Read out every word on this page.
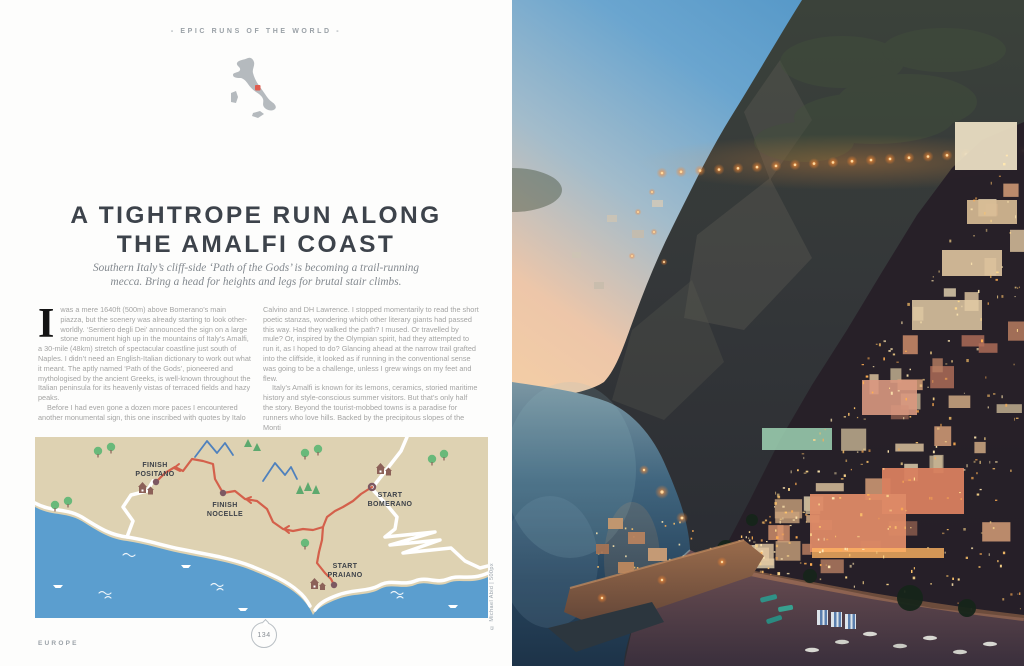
- EPIC RUNS OF THE WORLD -
A TIGHTROPE RUN ALONG
THE AMALFI COAST
Southern Italy’s cliff-side ‘Path of the Gods’ is becoming a trail-running
mecca. Bring a head for heights and legs for brutal stair climbs.

Iwas a mere 1640ft (500m) above Bomerano’s main piazza, but the scenery was already starting to look other-worldly. ‘Sentiero degli Dei’ announced the sign on a large stone monument high up in the mountains of Italy’s Amalfi, a 30-mile (48km) stretch of spectacular coastline just south of Naples. I didn’t need an English-Italian dictionary to work out what it meant. The aptly named ‘Path of the Gods’, pioneered and mythologised by the ancient Greeks, is well-known throughout the Italian peninsula for its heavenly vistas of terraced fields and hazy peaks.

Before I had even gone a dozen more paces I encountered another monumental sign, this one inscribed with quotes by Italo

Calvino and DH Lawrence. I stopped momentarily to read the short poetic stanzas, wondering which other literary giants had passed this way. Had they walked the path? I mused. Or travelled by mule? Or, inspired by the Olympian spirit, had they attempted to run it, as I hoped to do? Glancing ahead at the narrow trail grafted into the cliffside, it looked as if running in the conventional sense was going to be a challenge, unless I grew wings on my feet and flew.

Italy’s Amalfi is known for its lemons, ceramics, storied maritime history and style-conscious summer visitors. But that’s only half the story. Beyond the tourist-mobbed towns is a paradise for runners who love hills. Backed by the precipitous slopes of the Monti

FINISH
POSITANO
FINISH
NOCELLE
START
BOMERANO
START
PRAIANO
EUROPE
134
© Michael Abid | 500px
